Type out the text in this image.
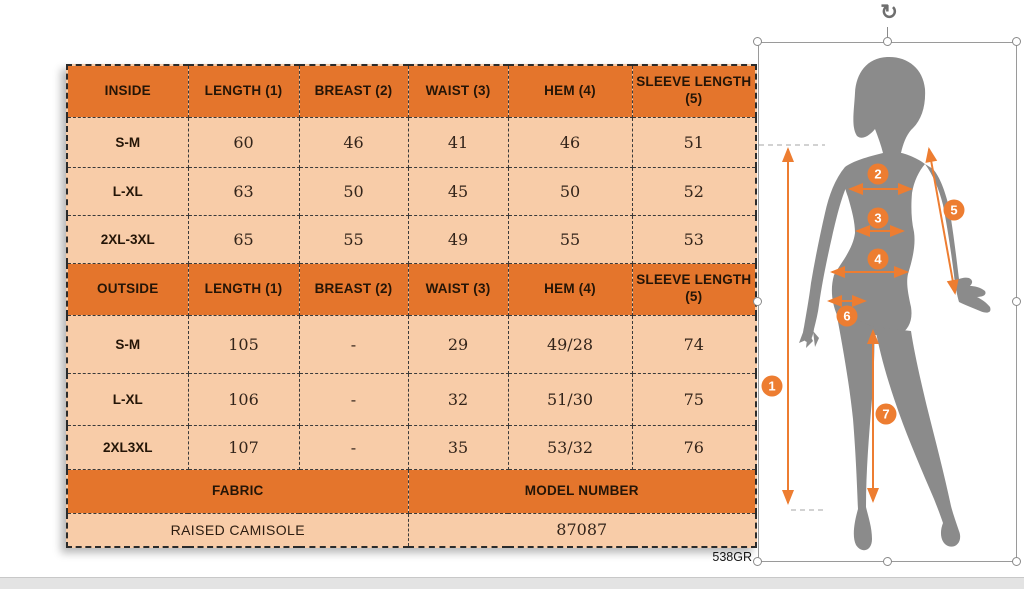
INSIDE	LENGTH (1)	BREAST (2)	WAIST (3)	HEM (4)	SLEEVE LENGTH (5)
S-M	60	46	41	46	51
L-XL	63	50	45	50	52
2XL-3XL	65	55	49	55	53
OUTSIDE	LENGTH (1)	BREAST (2)	WAIST (3)	HEM (4)	SLEEVE LENGTH (5)
S-M	105	-	29	49/28	74
L-XL	106	-	32	51/30	75
2XL3XL	107	-	35	53/32	76
FABRIC			MODEL NUMBER		
RAISED CAMISOLE			87087		
538GR
1
2
3
4
5
6
7
↻
